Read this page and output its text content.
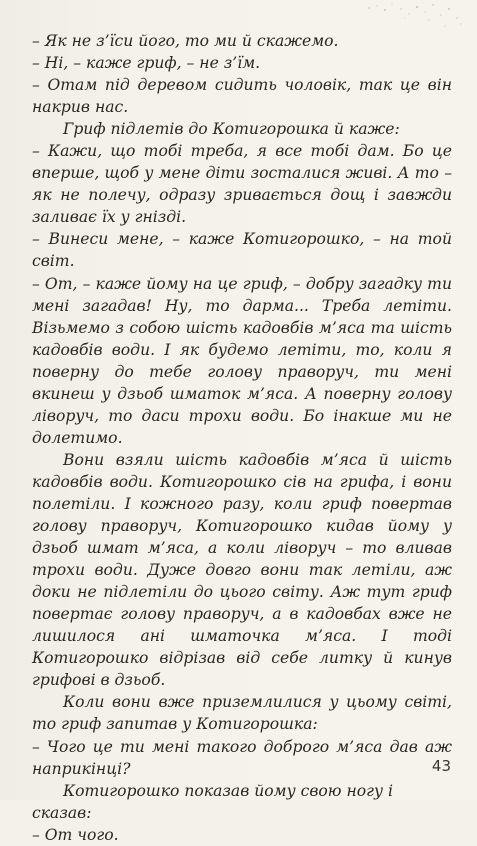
– Як не з’їси його, то ми й скажемо.

– Ні, – каже гриф, – не з’їм.

– Отам під деревом сидить чоловік, так це він накрив нас.

Гриф підлетів до Котигорошка й каже:

– Кажи, що тобі треба, я все тобі дам. Бо це вперше, щоб у мене діти зосталися живі. А то – як не полечу, одразу зривається дощ і завжди заливає їх у гнізді.

– Винеси мене, – каже Котигорошко, – на той світ.

– От, – каже йому на це гриф, – добру загадку ти мені загадав! Ну, то дарма... Треба летіти. Візьмемо з собою шість кадовбів м’яса та шість кадовбів води. І як будемо летіти, то, коли я поверну до тебе голову праворуч, ти мені вкинеш у дзьоб шматок м’яса. А поверну голову ліворуч, то даси трохи води. Бо інакше ми не долетимо.

Вони взяли шість кадовбів м’яса й шість кадовбів води. Котигорошко сів на грифа, і вони полетіли. І кожного разу, коли гриф повертав голову праворуч, Котигорошко кидав йому у дзьоб шмат м’яса, а коли ліворуч – то вливав трохи води. Дуже довго вони так летіли, аж доки не підлетіли до цього світу. Аж тут гриф повертає голову праворуч, а в кадовбах вже не лишилося ані шматочка м’яса. І тоді Котигорошко відрізав від себе литку й кинув грифові в дзьоб.

Коли вони вже приземлилися у цьому світі, то гриф запитав у Котигорошка:

– Чого це ти мені такого доброго м’яса дав аж наприкінці?

Котигорошко показав йому свою ногу і сказав:

– От чого.

43
